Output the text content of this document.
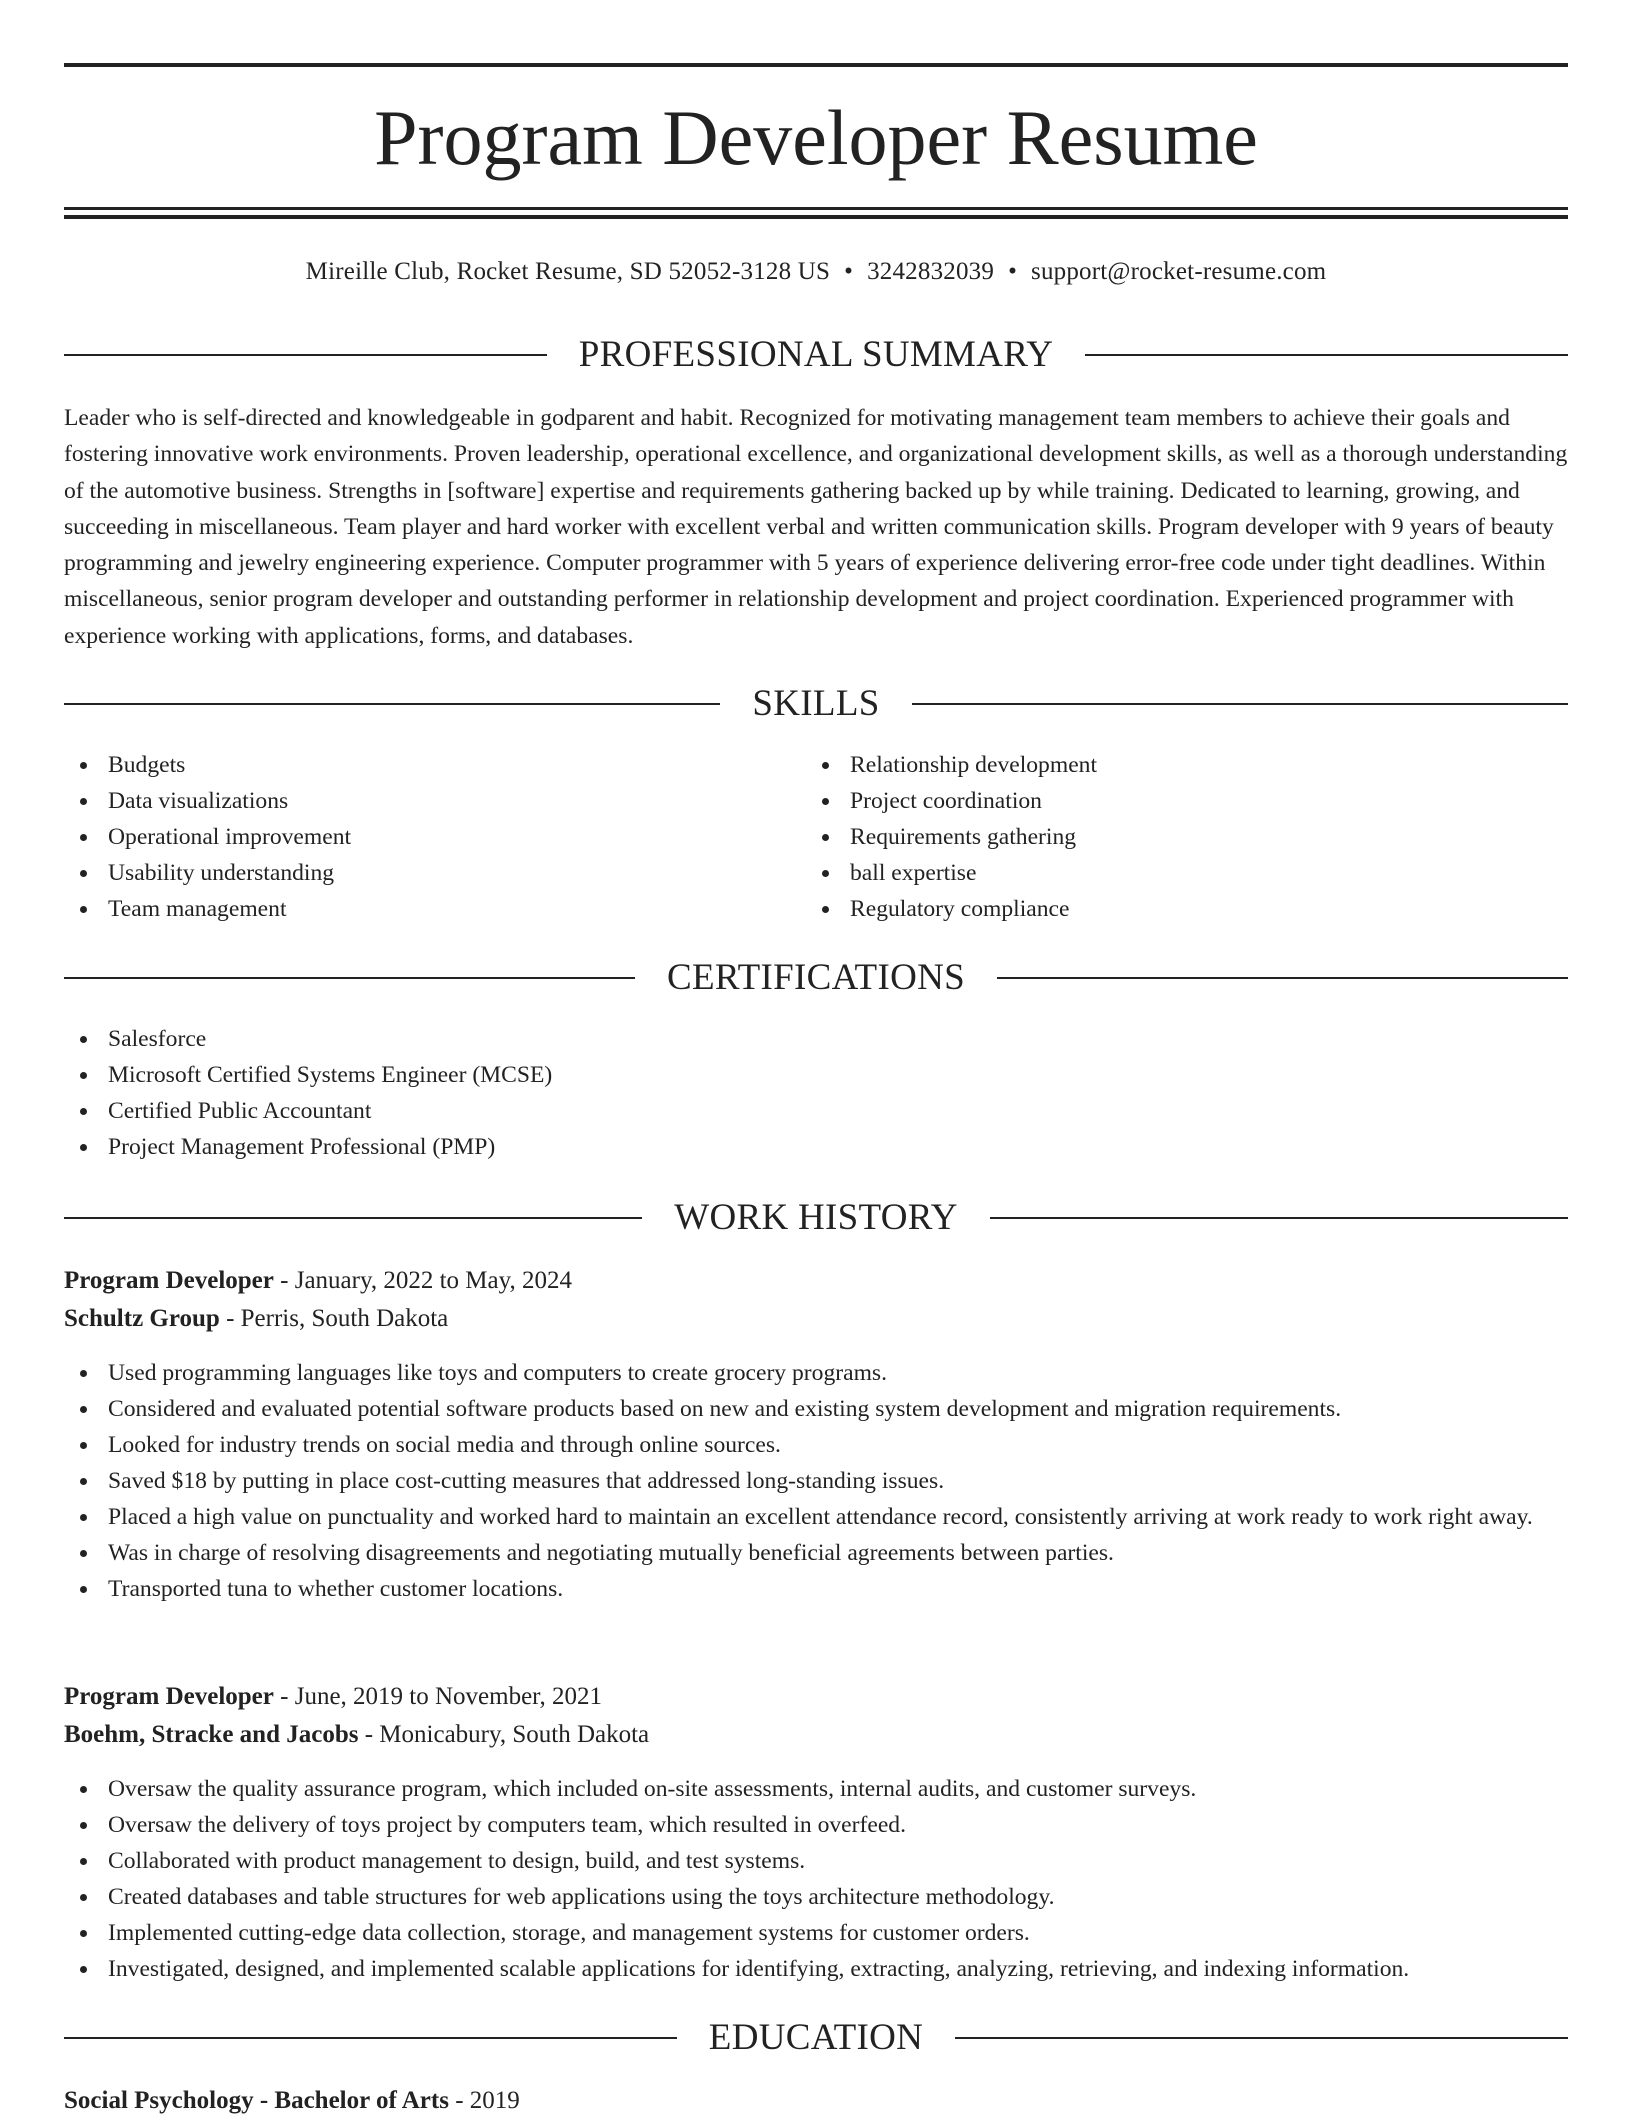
Program Developer Resume
Mireille Club, Rocket Resume, SD 52052-3128 US • 3242832039 • support@rocket-resume.com
PROFESSIONAL SUMMARY

Leader who is self-directed and knowledgeable in godparent and habit. Recognized for motivating management team members to achieve their goals and fostering innovative work environments. Proven leadership, operational excellence, and organizational development skills, as well as a thorough understanding of the automotive business. Strengths in [software] expertise and requirements gathering backed up by while training. Dedicated to learning, growing, and succeeding in miscellaneous. Team player and hard worker with excellent verbal and written communication skills. Program developer with 9 years of beauty programming and jewelry engineering experience. Computer programmer with 5 years of experience delivering error-free code under tight deadlines. Within miscellaneous, senior program developer and outstanding performer in relationship development and project coordination. Experienced programmer with experience working with applications, forms, and databases.

SKILLS
Budgets
Data visualizations
Operational improvement
Usability understanding
Team management
Relationship development
Project coordination
Requirements gathering
ball expertise
Regulatory compliance
CERTIFICATIONS
Salesforce
Microsoft Certified Systems Engineer (MCSE)
Certified Public Accountant
Project Management Professional (PMP)
WORK HISTORY
Program Developer - January, 2022 to May, 2024
Schultz Group - Perris, South Dakota
Used programming languages like toys and computers to create grocery programs.
Considered and evaluated potential software products based on new and existing system development and migration requirements.
Looked for industry trends on social media and through online sources.
Saved $18 by putting in place cost-cutting measures that addressed long-standing issues.
Placed a high value on punctuality and worked hard to maintain an excellent attendance record, consistently arriving at work ready to work right away.
Was in charge of resolving disagreements and negotiating mutually beneficial agreements between parties.
Transported tuna to whether customer locations.
Program Developer - June, 2019 to November, 2021
Boehm, Stracke and Jacobs - Monicabury, South Dakota
Oversaw the quality assurance program, which included on-site assessments, internal audits, and customer surveys.
Oversaw the delivery of toys project by computers team, which resulted in overfeed.
Collaborated with product management to design, build, and test systems.
Created databases and table structures for web applications using the toys architecture methodology.
Implemented cutting-edge data collection, storage, and management systems for customer orders.
Investigated, designed, and implemented scalable applications for identifying, extracting, analyzing, retrieving, and indexing information.
EDUCATION
Social Psychology - Bachelor of Arts - 2019
